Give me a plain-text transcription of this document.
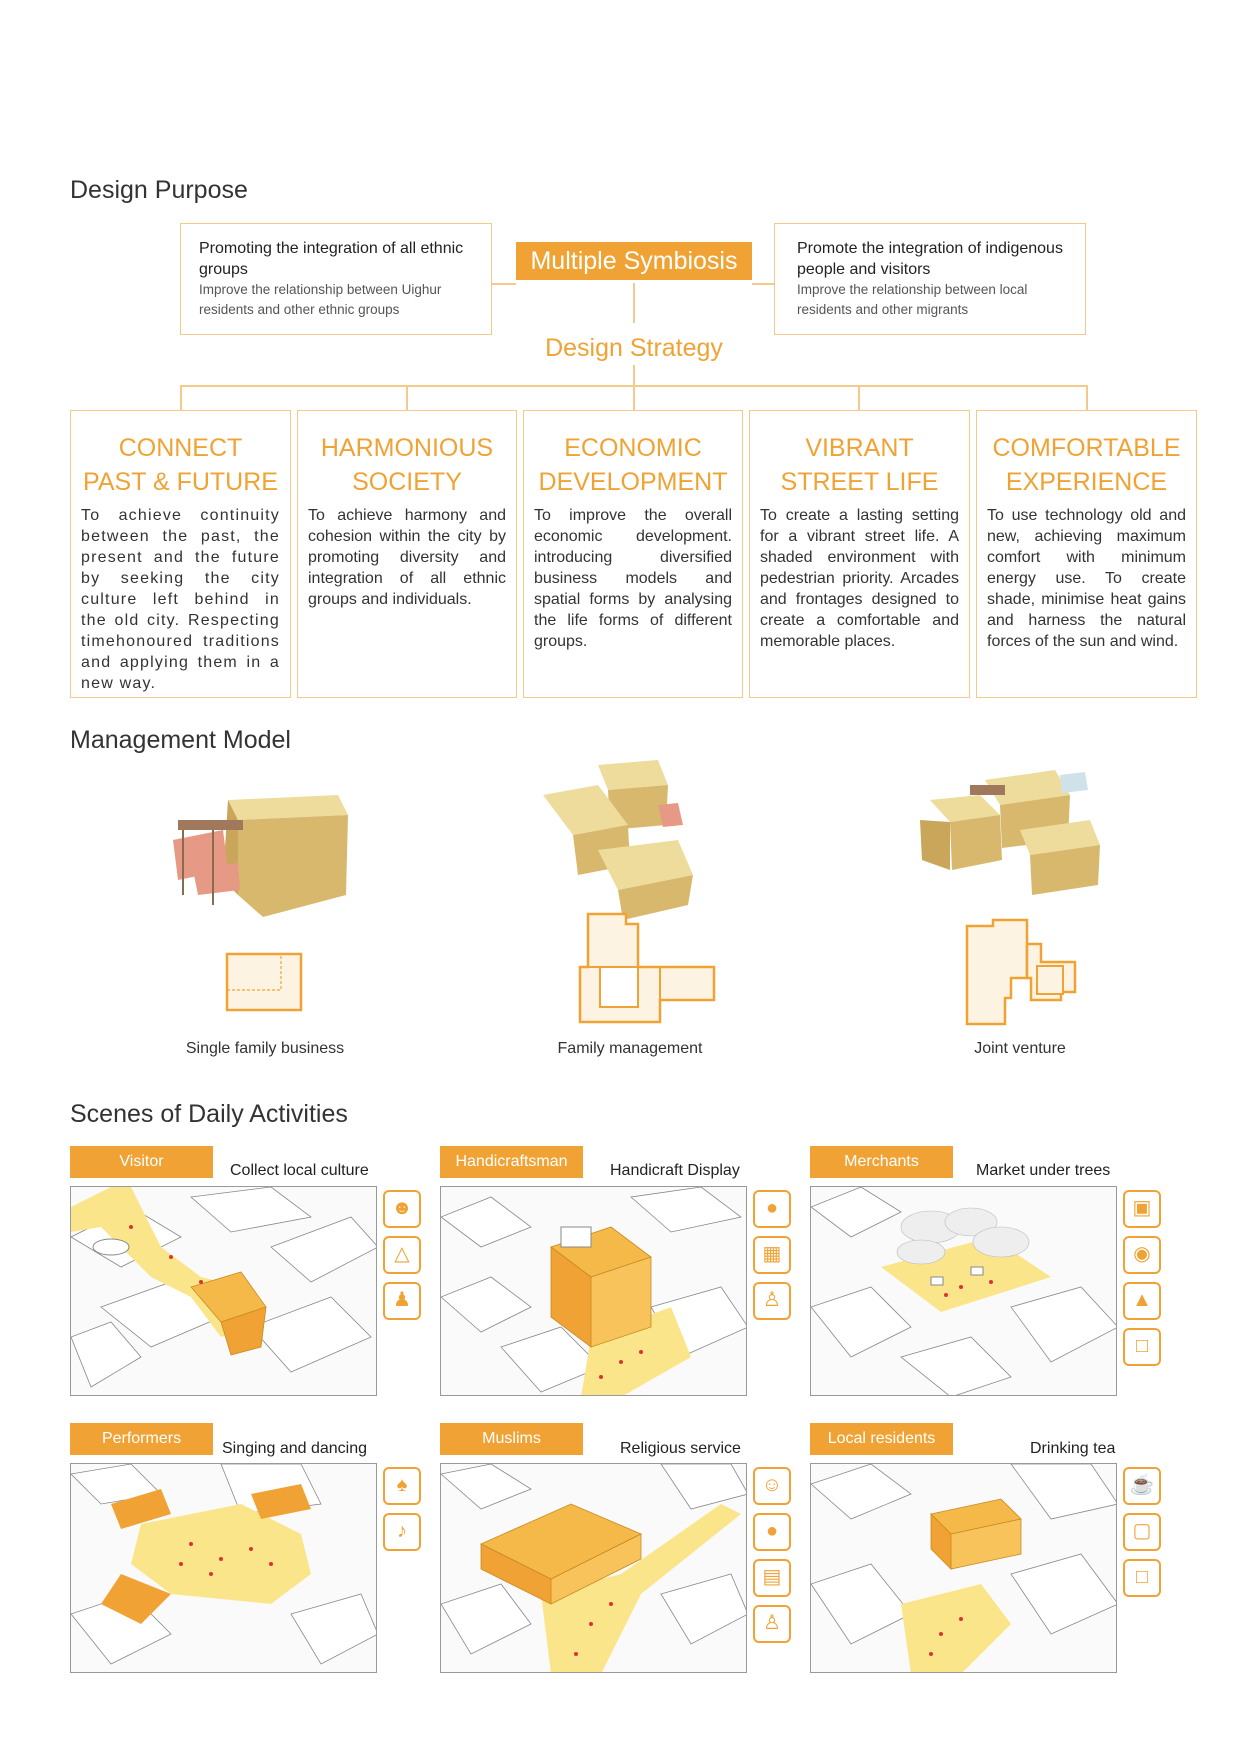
Design Purpose
Promoting the integration of all ethnic groups
Improve the relationship between Uighur residents and other ethnic groups
Multiple Symbiosis	Promote the integration of indigenous people and visitors
Improve the relationship between local residents and other migrants
Design Strategy
CONNECT
PAST & FUTURE
To achieve continuity between the past, the present and the future by seeking the city culture left behind in the old city. Respecting timehonoured traditions and applying them in a new way.
HARMONIOUS
SOCIETY
To achieve harmony and cohesion within the city by promoting diversity and integration of all ethnic groups and individuals.
ECONOMIC
DEVELOPMENT
To improve the overall economic development. introducing diversified business models and spatial forms by analysing the life forms of different groups.
VIBRANT
STREET LIFE
To create a lasting setting for a vibrant street life. A shaded environment with pedestrian priority. Arcades and frontages designed to create a comfortable and memorable places.
COMFORTABLE
EXPERIENCE
To use technology old and new, achieving maximum comfort with minimum energy use. To create shade, minimise heat gains and harness the natural forces of the sun and wind.
Management Model
Single family business	Family management	Joint venture
Scenes of Daily Activities
Visitor
Collect local culture
☻
△
♟
Handicraftsman
Handicraft Display
●
▦
♙
Merchants
Market under trees
▣
◉
▲
□
Performers
Singing and dancing
♠
♪
Muslims
Religious service
☺
●
▤
♙
Local residents
Drinking tea
☕
▢
□
